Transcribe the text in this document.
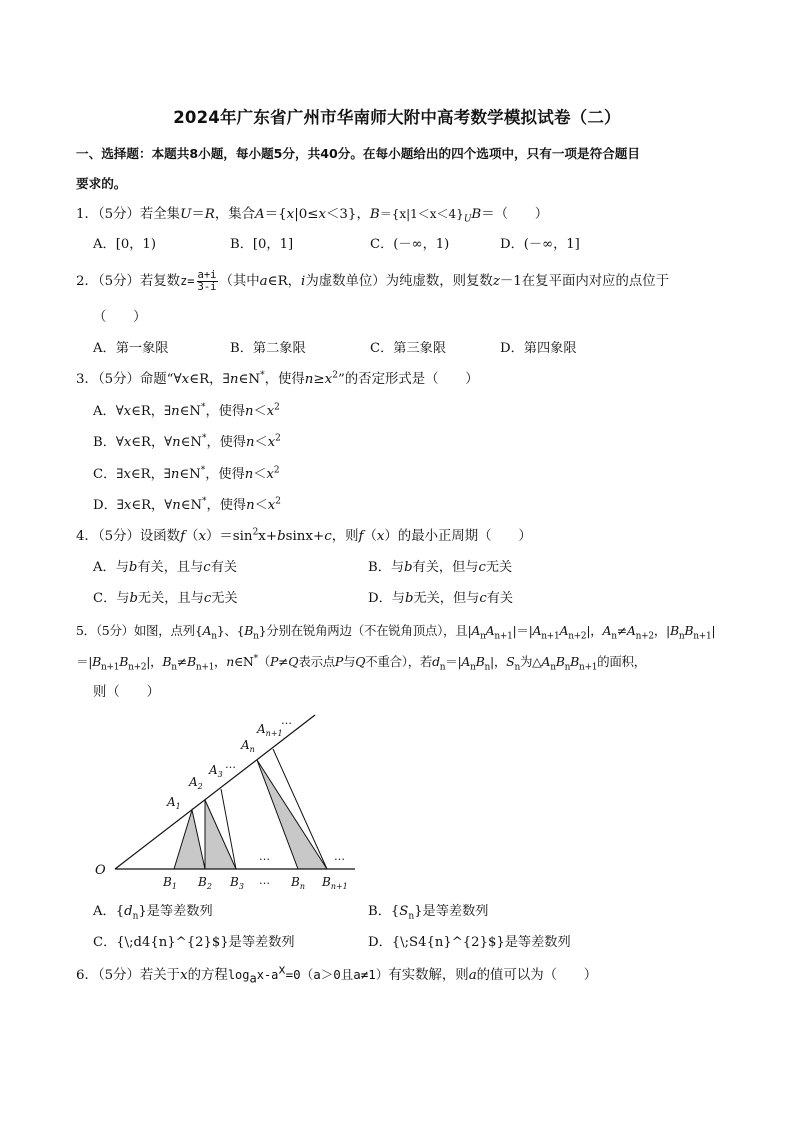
2024年广东省广州市华南师大附中高考数学模拟试卷（二）
一、选择题：本题共8小题，每小题5分，共40分。在每小题给出的四个选项中，只有一项是符合题目
要求的。
1．（5分）若全集U＝R，集合A＝{x|0≤x＜3}，$B=\{x|1<x<4\}_UB=$（　　）
A．[0，1)	B．[0，1]	C．(－∞，1)	D．(－∞，1]
2．（5分）若复数$z= \frac{a+i}{3-i}$ （其中a∈R，i为虚数单位）为纯虚数，则复数z－1在复平面内对应的点位于
（　　）
A．第一象限	B．第二象限	C．第三象限	D．第四象限
3．（5分）命题“∀x∈R，∃n∈N*，使得$n\ge x^2$”的否定形式是（　　）
A．∀x∈R，∃n∈N*，使得$n<x^2$
B．∀x∈R，∀n∈N*，使得$n<x^2$
C．∃x∈R，∃n∈N*，使得$n<x^2$
D．∃x∈R，∀n∈N*，使得$n<x^2$
4．（5分）设函数$f(x)=\sin^2x+bsinx+c$，则f（x）的最小正周期（　　）
A．与b有关，且与c有关	B．与b有关，但与c无关
C．与b无关，且与c无关	D．与b无关，但与c有关
5．（5分）如图，点列$\{A_n\}$、$\{B_n\}$分别在锐角两边（不在锐角顶点），且$|A_nA_{n+1}|=|A_{n+1}A_{n+2}|$，$A_n\ne A_{n+2}$，$|B_nB_{n+1}|$
$=|B_{n+1}B_{n+2}|$，$B_n\ne B_{n+1}$，n∈N*（P≠Q表示点P与Q不重合），若$d_n=|A_nB_n|$，$S_n$为$\triangle A_nB_nB_{n+1}$的面积，
则（　　）
O
$A_1$
$A_2$
$A_3$
…
$A_n$
$A_{n+1}$
…
…	…
$B_1$ $B_2$ $B_3$ … $B_n$ $B_{n+1}$
A．$\{d_n\}$是等差数列	B．$\{S_n\}$是等差数列
C．{\;d4{n}^{2}$}是等差数列	D．{\;S4{n}^{2}$}是等差数列
6．（5分）若关于x的方程$\log_ax-a^x=0(a>0$且a≠1）有实数解，则a的值可以为（　　）
